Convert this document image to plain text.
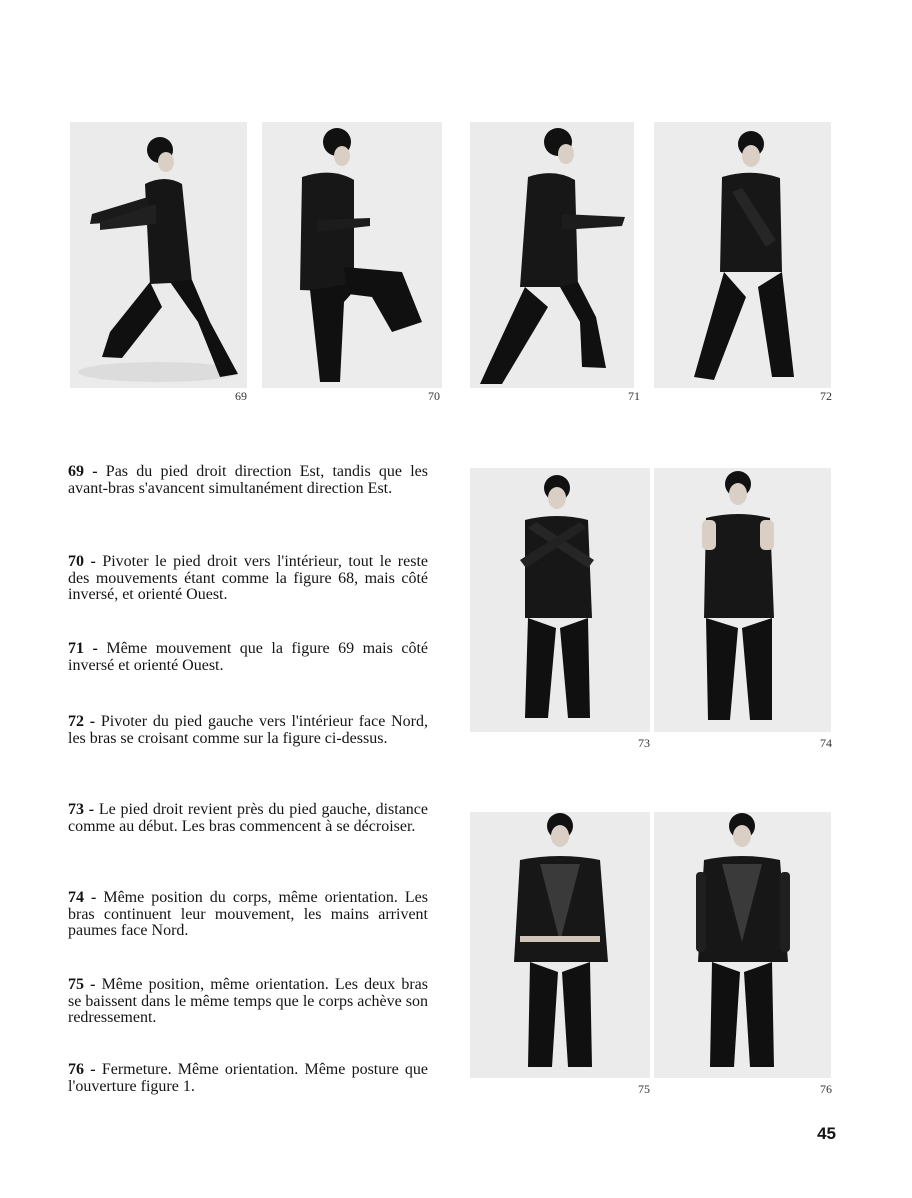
69	70	71	72
73	74
75	76
69 - Pas du pied droit direction Est, tandis que les avant-bras s'avancent simultanément direction Est.
70 - Pivoter le pied droit vers l'intérieur, tout le reste des mouvements étant comme la figure 68, mais côté inversé, et orienté Ouest.
71 - Même mouvement que la figure 69 mais côté inversé et orienté Ouest.
72 - Pivoter du pied gauche vers l'intérieur face Nord, les bras se croisant comme sur la figure ci-dessus.
73 - Le pied droit revient près du pied gauche, distance comme au début. Les bras commencent à se décroiser.
74 - Même position du corps, même orientation. Les bras continuent leur mouvement, les mains arrivent paumes face Nord.
75 - Même position, même orientation. Les deux bras se baissent dans le même temps que le corps achève son redressement.
76 - Fermeture. Même orientation. Même posture que l'ouverture figure 1.
45
